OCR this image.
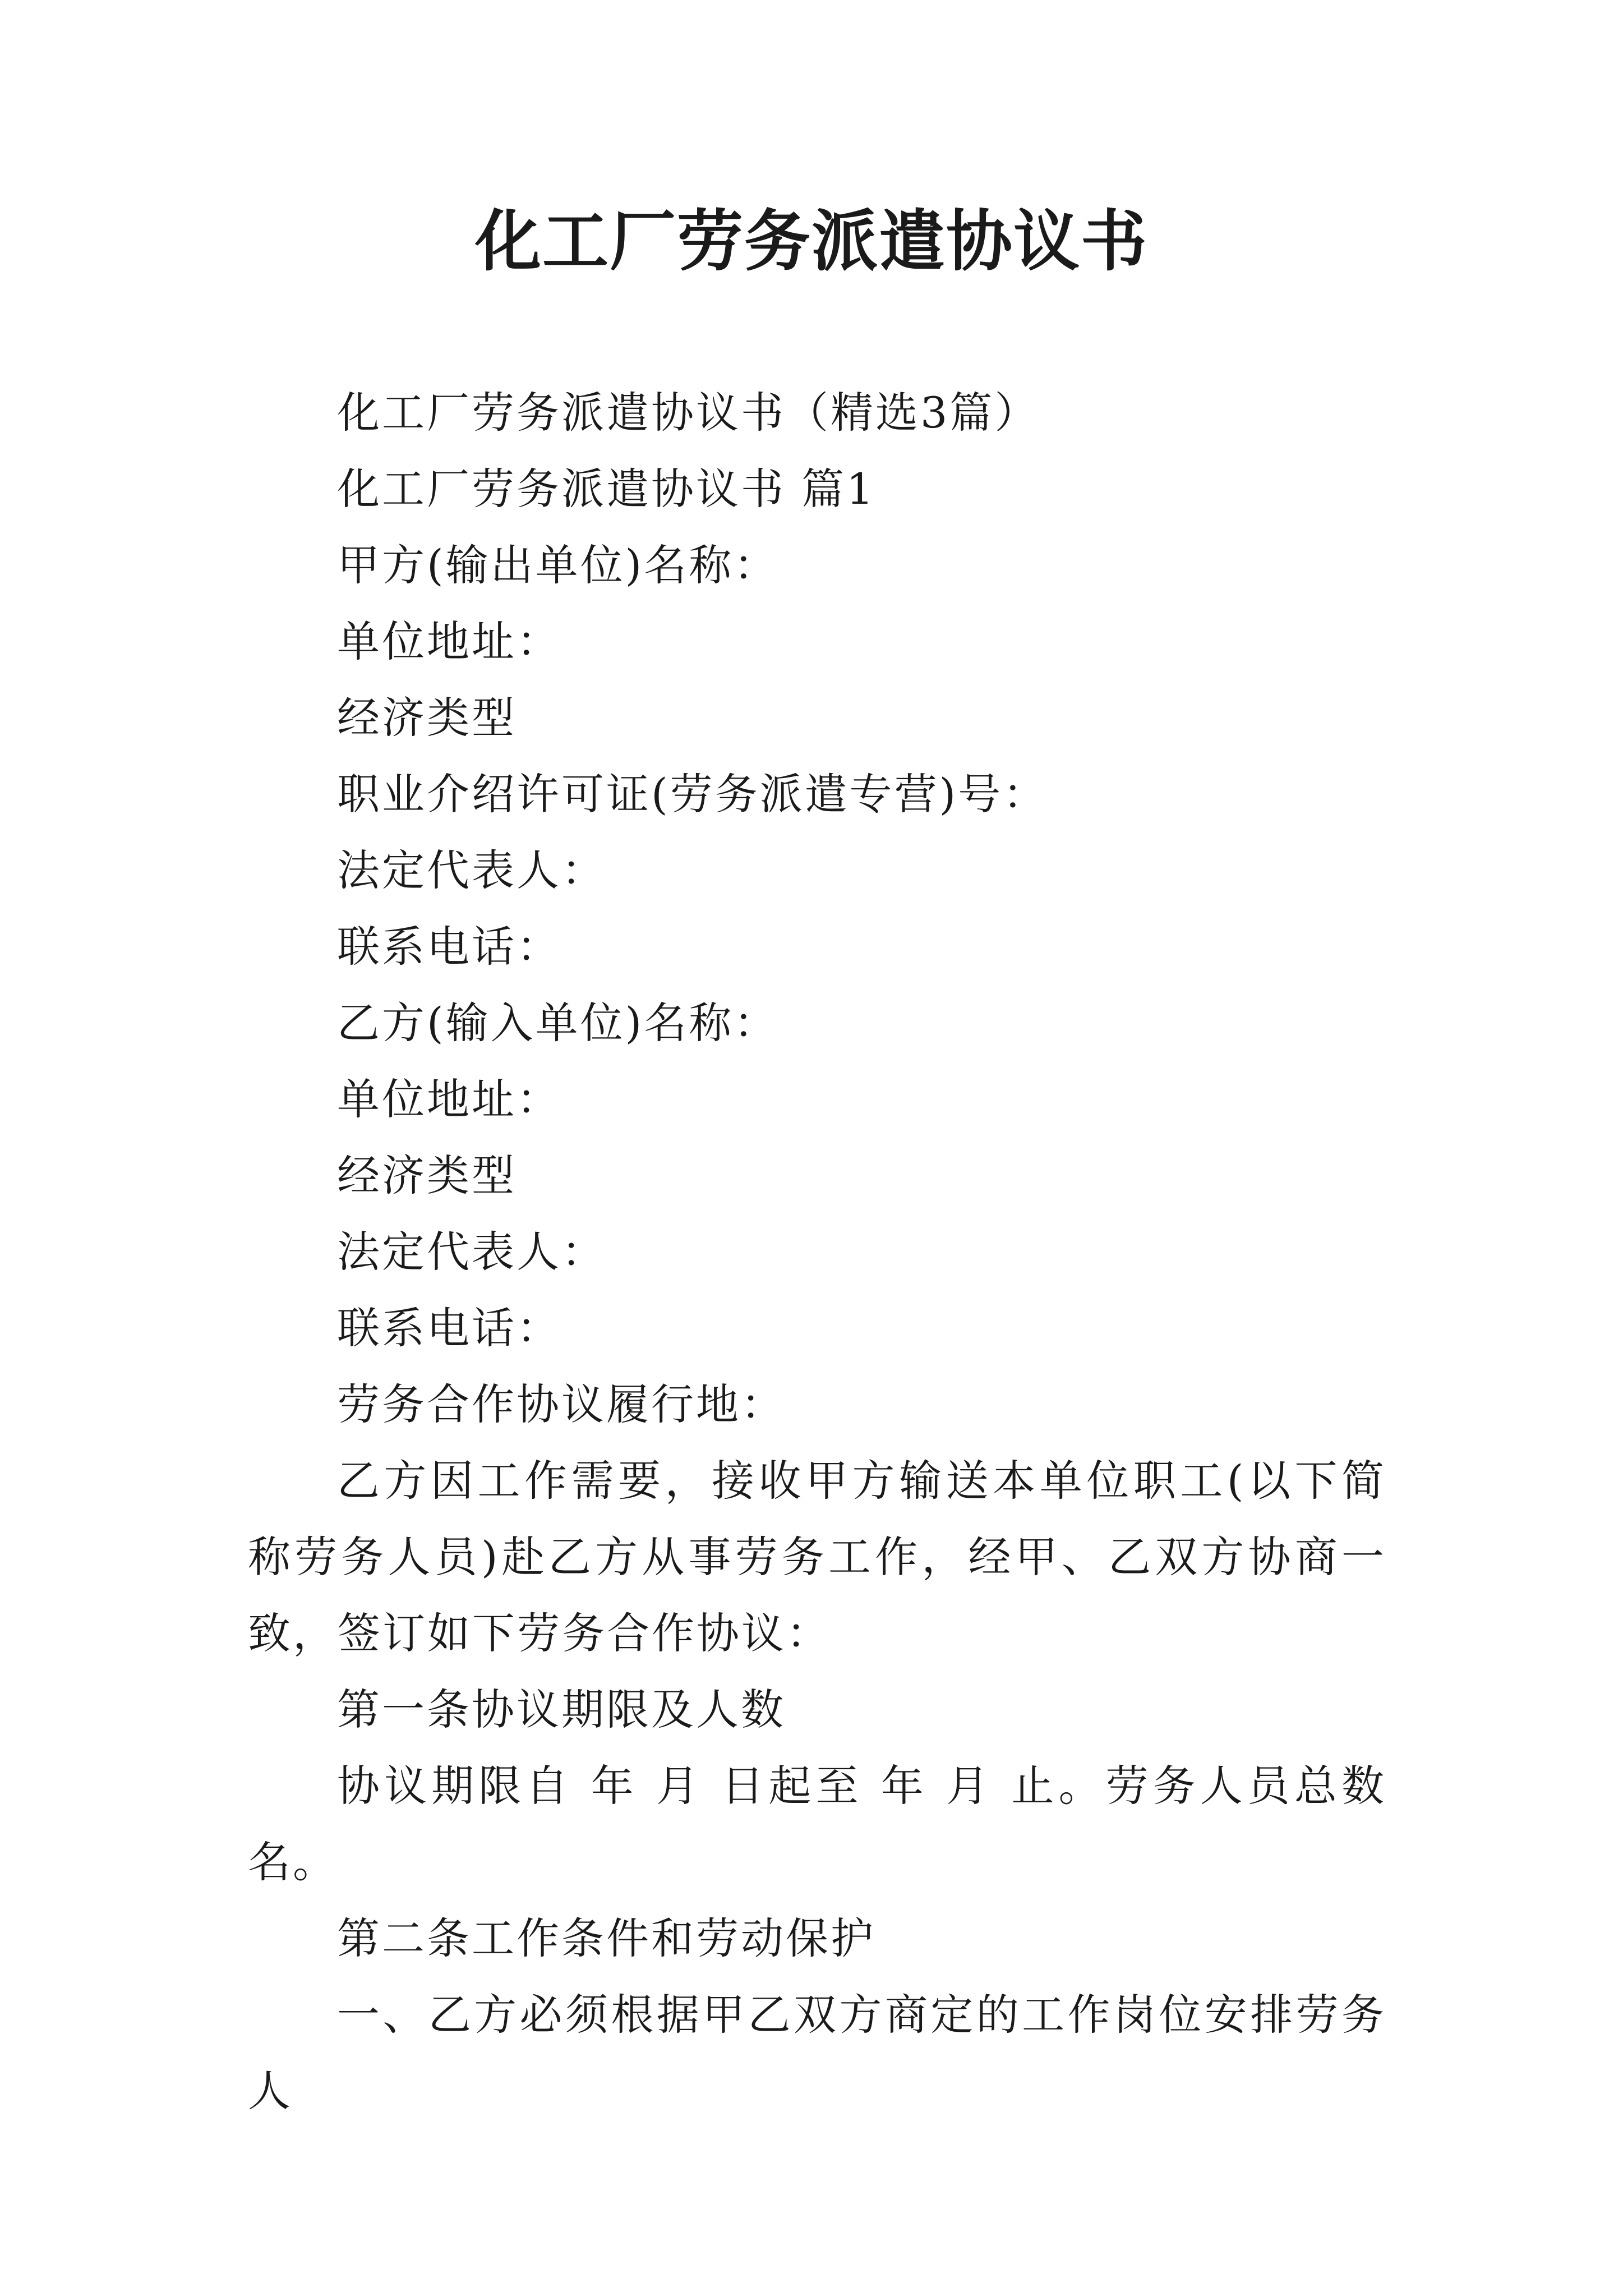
化工厂劳务派遣协议书

化工厂劳务派遣协议书（精选3篇）

化工厂劳务派遣协议书 篇1

甲方(输出单位)名称：

单位地址：

经济类型

职业介绍许可证(劳务派遣专营)号：

法定代表人：

联系电话：

乙方(输入单位)名称：

单位地址：

经济类型

法定代表人：

联系电话：

劳务合作协议履行地：

乙方因工作需要，接收甲方输送本单位职工(以下简称劳务人员)赴乙方从事劳务工作，经甲、乙双方协商一致，签订如下劳务合作协议：

第一条协议期限及人数

协议期限自 年 月 日起至 年 月 止。劳务人员总数 名。

第二条工作条件和劳动保护

一、乙方必须根据甲乙双方商定的工作岗位安排劳务人
